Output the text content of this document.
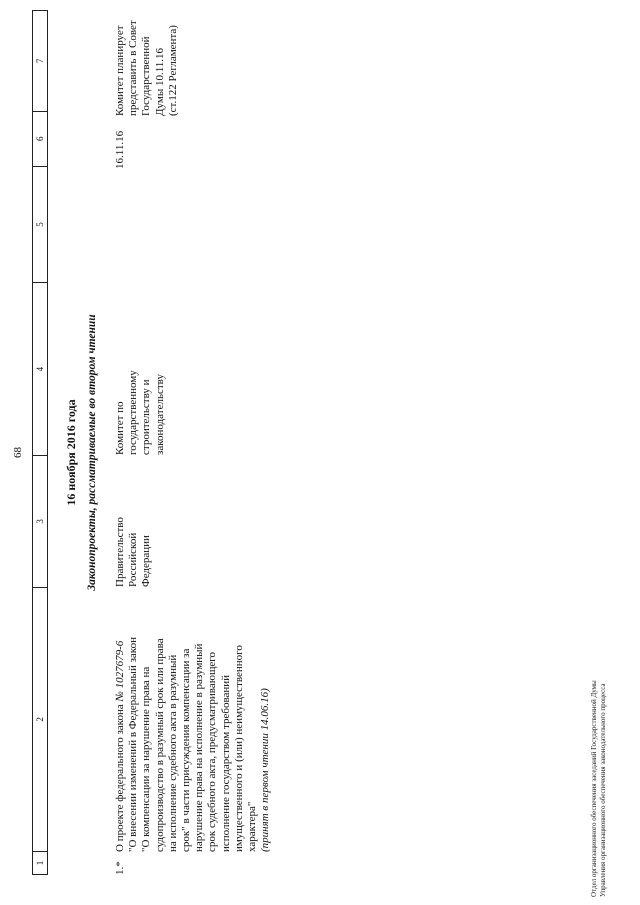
68
1
2
3
4
5
6
7
16 ноября 2016 года Законопроекты, рассматриваемые во втором чтении
1.*
О проекте федерального закона № 1027679-6 "О внесении изменений в Федеральный закон "О компенсации за нарушение права на судопроизводство в разумный срок или права на исполнение судебного акта в разумный срок" в части присуждения компенсации за нарушение права на исполнение в разумный срок судебного акта, предусматривающего исполнение государством требований имущественного и (или) неимущественного характера" (принят в первом чтении 14.06.16)
Правительство Российской Федерации
Комитет по государственному строительству и законодательству
16.11.16
Комитет планирует представить в Совет Государственной Думы 10.11.16 (ст.122 Регламента)
Отдел организационного обеспечения заседаний Государственной Думы Управления организационного обеспечения законодательного процесса
